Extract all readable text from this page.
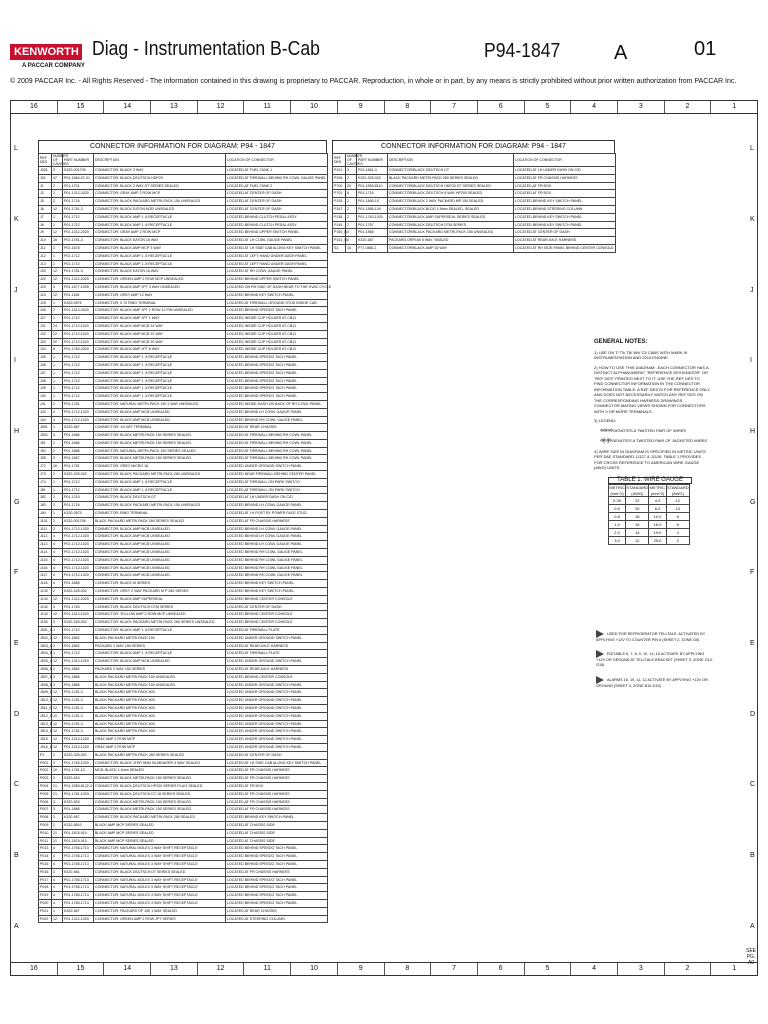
KENWORTH
A PACCAR COMPANY
Diag - Instrumentation B-Cab	P94-1847	A	01
© 2009 PACCAR Inc. - All Rights Reserved - The information contained in this drawing is proprietary to PACCAR. Reproduction, in whole or in part, by any means is strictly prohibited without prior written authorization from PACCAR Inc.
16	15	14	13	12	11	10	9	8	7	6	5	4	3	2	1
16	15	14	13	12	11	10	9	8	7	6	5	4	3	2	1
L	L
K	K
J	J
I	I
H	H
G	G
F	F
E	E
D	D
C	C
B	B
A	A
CONNECTOR INFORMATION FOR DIAGRAM: P94 - 1847
REF DES	NUMBER OF CAVITIES	PART NUMBER	DESCRIPTION	LOCATION OF CONNECTOR
J001	3	K320-001706	CONNECTOR: BLACK 3 WAY	LOCATED AT FUEL TANK 1
J01	47	P01-1564-07-01	CONNECTOR: BLACK DEUTSCH HDP20	LOCATED AT FIREWALL BEHIND RH COWL GAUGE PANEL
J1	2	P01-1701	CONNECTOR: BLACK 2 WAY DT SERIES SEALED	LOCATED AT FUEL TANK 2
J2	2	P01-1312-2020	CONNECTOR: GRAY AMP 2 ROW MCP	LOCATED AT CENTER OF DASH
J5	2	P01-1716	CONNECTOR: BLACK PACKARD METRI-PACK 150 UNSEALED	LOCATED AT CENTER OF DASH
J6	12	P01-1781-3	CONNECTOR: BLACK EATON NOR UNSEALED	LOCATED AT CENTER OF DASH
J7	1	P01-1712	CONNECTOR: BLACK AMP 1 .8 RECEPTACLE	LOCATED BEHIND CLUTCH PEDAL ASSY
J8	1	P01-1712	CONNECTOR: BLACK AMP 1 .8 RECEPTACLE	LOCATED BEHIND CLUTCH PEDAL ASSY
J9	12	P01-1312-2020	CONNECTOR: GRAY AMP 2 ROW MCP	LOCATED BEHIND UPPER SWITCH PANEL
J10	16	P01-1781-3	CONNECTOR: BLACK EATON 16 WAY	LOCATED AT LH COWL GAUGE PANEL
J11	3	P01-1678	CONNECTOR: BLACK AMP MCP 3 WAY	LOCATED AT LH SIDE CAB ALONG KEY SWITCH PANEL
J12	1	P01-1712	CONNECTOR: BLACK AMP 1 .8 RECEPTACLE	LOCATED AT LEFT HAND UNDER DASH PANEL
J13	1	P01-1712	CONNECTOR: BLACK AMP 1 .8 RECEPTACLE	LOCATED AT LEFT HAND UNDER DASH PANEL
J20	12	P01-1781-3	CONNECTOR: BLACK EATON 16 WAY	LOCATED AT RH COWL GAUGE PANEL
J22	12	P01-1312-2020	CONNECTOR: GREEN AMP 2 ROW MCP UNSEALED	LOCATED BEHIND UPPER SWITCH PANEL
J23	3	P01-1677-1005	CONNECTOR: BLACK AMP JPT 3 WAY UNSEALED	LOCATED ON RH SIDE OF DASH NEAR TO THE HVAC CYCLE
J24	12	P01-1158	CONNECTOR: GREY AMP 12 WAY	LOCATED BEHIND KEY SWITCH PANEL
J25	1	K320-0575	CONNECTOR: 0.70 RING TERMINAL	LOCATED AT FIREWALL GROUND STUD INSIDE CAB
J26	2	P01-1312-2020	CONNECTOR: BLACK AMP JPT 2 ROW 12 PIN UNSEALED	LOCATED BEHIND SPEEDO TACH PANEL
J27	1	P01-1712	CONNECTOR: BLACK AMP JPT 1 WAY	LOCATED INSIDE CUP HOLDER AT CB-D
J31	24	P01-1712-1020	CONNECTOR: BLACK AMP MCB 24 WAY	LOCATED INSIDE CUP HOLDER AT CB-D
J32	22	P01-1712-1020	CONNECTOR: BLACK AMP MCB 22 WAY	LOCATED INSIDE CUP HOLDER AT CB-D
J33	20	P01-1712-1020	CONNECTOR: BLACK AMP MCB 20 WAY	LOCATED INSIDE CUP HOLDER AT CB-D
J34	8	P01-1763-2020	CONNECTOR: BLACK AMP JPT 8 WAY	LOCATED INSIDE CUP HOLDER AT CB-D
J35	1	P01-1712	CONNECTOR: BLACK AMP 1 .8 RECEPTACLE	LOCATED BEHIND SPEEDO TACH PANEL
J36	1	P01-1712	CONNECTOR: BLACK AMP 1 .8 RECEPTACLE	LOCATED BEHIND SPEEDO TACH PANEL
J37	1	P01-1712	CONNECTOR: BLACK AMP 1 .8 RECEPTACLE	LOCATED BEHIND SPEEDO TACH PANEL
J38	1	P01-1712	CONNECTOR: BLACK AMP 1 .8 RECEPTACLE	LOCATED BEHIND SPEEDO TACH PANEL
J39	1	P01-1712	CONNECTOR: BLACK AMP 1 .8 RECEPTACLE	LOCATED BEHIND SPEEDO TACH PANEL
J40	1	P01-1712	CONNECTOR: BLACK AMP 1 .8 RECEPTACLE	LOCATED BEHIND SPEEDO TACH PANEL
J41	2	P01-1781	CONNECTOR: NATURAL METRI-PACK 150 2 WAY UNSEALED	LOCATED INSIDE DASH ON BACK OF RH COWL PANEL
J43	4	P01-1712-1020	CONNECTOR: BLACK AMP MCB UNSEALED	LOCATED BEHIND LH COWL GAUGE PANEL
J44	4	P01-1712-1020	CONNECTOR: BLACK AMP MCB UNSEALED	LOCATED BEHIND RH COWL GAUGE PANEL
J501	1	K320-567	CONNECTOR: 1/4 WIT TERMINAL	LOCATED AT REAR CHASSIS
J502	3	P01-1886	CONNECTOR: BLACK METRI-PACK 150 SERIES SEALED	LOCATED AT FIREWALL BEHIND RH COWL PANEL
J51	2	P01-1886	CONNECTOR: BLACK METRI-PACK 150 SERIES SEALED	LOCATED AT FIREWALL BEHIND RH COWL PANEL
J53	2	P01-1886	CONNECTOR: NATURAL METRI-PACK 150 SERIES SEALED	LOCATED AT FIREWALL BEHIND RH COWL PANEL
J55	3	P01-1857	CONNECTOR: BLACK METRI-PACK 150 SERIES SEALED	LOCATED AT FIREWALL BEHIND RH COWL PANEL
J72	16	P01-1781	CONNECTOR: GREY MICRO 16	LOCATED UNDER GROUND SWITCH PANEL
J73	2	K320-325-002	CONNECTOR: BLACK PACKARD METRI-PACK 280 UNSEALED	LOCATED NEAR FIREWALL BEHIND CENTER PANEL
J74	1	P01-1712	CONNECTOR: BLACK AMP 1 .8 RECEPTACLE	LOCATED AT FIREWALL ON PARK SWITCH
J81	1	P01-1712	CONNECTOR: BLACK AMP 1 .8 RECEPTACLE	LOCATED AT FIREWALL ON PARK SWITCH
J82	2	P01-1215	CONNECTOR: BLACK DEUTSCH DT	LOCATED AT LH UNDER DASH ON C/D
J83	2	P01-1716	CONNECTOR: BLACK PACKARD METRI-PACK 150 UNSEALED	LOCATED BEHIND LH COWL GAUGE PANEL
J84	1	K320-0575	CONNECTOR: RING TERMINAL	LOCATED AT LH POST BY POWER FACE STUD
J101	2	K320-001706	BLACK PACKARD METRI-PACK 280 SERIES SEALED	LOCATED AT FR CHASSIS HARNESS
J111	3	P01-1712-1020	CONNECTOR: BLACK AMP MCB UNSEALED	LOCATED BEHIND LH COWL GAUGE PANEL
J112	4	P01-1712-1020	CONNECTOR: BLACK AMP MCB UNSEALED	LOCATED BEHIND LH COWL GAUGE PANEL
J113	4	P01-1712-1020	CONNECTOR: BLACK AMP MCB UNSEALED	LOCATED BEHIND LH COWL GAUGE PANEL
J114	4	P01-1712-1020	CONNECTOR: BLACK AMP MCB UNSEALED	LOCATED BEHIND RH COWL GAUGE PANEL
J115	4	P01-1712-1020	CONNECTOR: BLACK AMP MCB UNSEALED	LOCATED BEHIND RH COWL GAUGE PANEL
J116	4	P01-1712-1020	CONNECTOR: BLACK AMP MCB UNSEALED	LOCATED BEHIND RH COWL GAUGE PANEL
J117	4	P01-1712-1020	CONNECTOR: BLACK AMP MCB UNSEALED	LOCATED BEHIND RH COWL GAUGE PANEL
J118	4	P01-1865	CONNECTOR: BLACK M SERIES	LOCATED BEHIND KEY SWITCH PANEL
J130	2	K320-425-002	CONNECTOR: GREY 2 WAY PACKARD M P 280 SERIES	LOCATED BEHIND KEY SWITCH PANEL
J140	12	P01-1312-2020	CONNECTOR: BLACK AMP SUPERSEAL	LOCATED BEHIND CENTER CONSOLE
J142	3	P01-1763	CONNECTOR: BLACK DEUTSCH DTM SERIES	LOCATED AT CENTER OF DASH
J143	12	P01-1312-1020	CONNECTOR: YELLOW AMP 2 ROW MCP UNSEALED	LOCATED BEHIND CENTER CONSOLE
J150	3	K320-325-002	CONNECTOR: BLACK PACKARD METRI-PACK 280 SERIES UNSEALED	LOCATED BEHIND CENTER CONSOLE
J501_A	1	P01-1712	CONNECTOR: BLACK AMP 1 .8 RECEPTACLE	LOCATED AT FIREWALL PLATE
J502_A	12	P01-1862	BLACK PACKARD METRI-PACK 150	LOCATED UNDER GROUND SWITCH PANEL
J503_A	2	P01-1862	PACKARD 2 WAY 150 SERIES	LOCATED AT REAR AXLE HARNESS
J504_B	1	P01-1712	CONNECTOR: BLACK AMP 1 .8 RECEPTACLE	LOCATED AT FIREWALL PLATE
J505_A	12	P01-1312-1020	CONNECTOR: BLACK AMP MCB UNSEALED	LOCATED UNDER GROUND SWITCH PANEL
J506_B	2	P01-1862	PACKARD 2 WAY 150 SERIES	LOCATED AT REAR AXLE HARNESS
J507_B	3	P01-1866	BLACK PACKARD METRI-PACK 150 UNSEALED	LOCATED BEHIND CENTER CONSOLE
J508_B	3	P01-1866	BLACK PACKARD METRI-PACK 150 UNSEALED	LOCATED UNDER GROUND SWITCH PANEL
J509_B	12	P01-1781-3	BLACK PACKARD METRI-PACK 63X	LOCATED UNDER GROUND SWITCH PANEL
J510_B	12	P01-1781-3	BLACK PACKARD METRI-PACK 63X	LOCATED UNDER GROUND SWITCH PANEL
J511_B	12	P01-1781-3	BLACK PACKARD METRI-PACK 63X	LOCATED UNDER GROUND SWITCH PANEL
J512_D	10	P01-1781-3	BLACK PACKARD METRI-PACK 63X	LOCATED UNDER GROUND SWITCH PANEL
J513_B	12	P01-1781-3	BLACK PACKARD METRI-PACK 63X	LOCATED UNDER GROUND SWITCH PANEL
J514_B	12	P01-1781-3	BLACK PACKARD METRI-PACK 63X	LOCATED UNDER GROUND SWITCH PANEL
J515	12	P01-1312-1020	GRAY AMP 2 ROW MCP	LOCATED UNDER GROUND SWITCH PANEL
J516_B	12	P01-1312-1020	GRAY AMP 2 ROW MCP	LOCATED UNDER GROUND SWITCH PANEL
P1	2	K320-325-002	BLACK PACKARD METRI-PACK 280 SERIES SEALED	LOCATED AT CENTER OF DASH
P001	3	P01-1763-1020	CONNECTOR: BLACK JTER 5MM SILMINATER 3 WAY SEALED	LOCATED AT LH SIDE CAB ALONG KEY SWITCH PANEL
P002	10	P01-1781-10	MCB: BLACK 1.5mm SEALED	LOCATED AT FR CHASSIS HARNESS
P003	2	K320-516	CONNECTOR: BLACK METRI-PACK 150 SERIES SEALED	LOCATED AT FR CHASSIS HARNESS
P004	21	P01-1559-8122-4	CONNECTOR: BLACK DEUTSCH HP200 SERIES PLUG SEALED	LOCATED AT FR BOX
P005	21	P01-1781-1003	CONNECTOR: BLACK DEUTSCH DT 18 SERIES SEALED	LOCATED AT FR CHASSIS HARNESS
P006	3	K320-503	CONNECTOR: BLACK METRI-PACK 150 SERIES SEALED	LOCATED AT FR CHASSIS HARNESS
P007	3	P01-1886	CONNECTOR: BLACK METRI-PACK 150 SERIES SEALED	LOCATED AT FR CHASSIS HARNESS
P008	2	K320-567	CONNECTOR: BLACK PACKARD METRI-PACK 280 SEALED	LOCATED BEHIND KEY SWITCH PANEL
P009	2	K320-5610	BLACK AMP MCP SERIES SEALED	LOCATED AT CHASSIS SIDE
P010	21	P01-1876-910	BLACK AMP MCP SERIES SEALED	LOCATED AT CHASSIS SIDE
P011	21	P01-1876-910	BLACK AMP MCP SERIES SEALED	LOCATED AT CHASSIS SIDE
P013	4	P01-1765-1713	CONNECTOR: NATURAL MOLEX 3 WAY SHIFT RECEPTACLE	LOCATED BEHIND SPEEDO TACH PANEL
P014	4	P01-1765-1713	CONNECTOR: NATURAL MOLEX 3 WAY SHIFT RECEPTACLE	LOCATED BEHIND SPEEDO TACH PANEL
P015	4	P01-1765-1713	CONNECTOR: NATURAL MOLEX 3 WAY SHIFT RECEPTACLE	LOCATED BEHIND SPEEDO TACH PANEL
P016	3	K320-581	CONNECTOR: BLACK DEUTSCH DT SERIES SEALED	LOCATED AT FR CHASSIS HARNESS
P017	4	P01-1765-1713	CONNECTOR: NATURAL MOLEX 3 WAY SHIFT RECEPTACLE	LOCATED BEHIND SPEEDO TACH PANEL
P018	4	P01-1765-1713	CONNECTOR: NATURAL MOLEX 3 WAY SHIFT RECEPTACLE	LOCATED BEHIND SPEEDO TACH PANEL
P019	4	P01-1765-1713	CONNECTOR: NATURAL MOLEX 3 WAY SHIFT RECEPTACLE	LOCATED BEHIND SPEEDO TACH PANEL
P020	4	P01-1765-1713	CONNECTOR: NATURAL MOLEX 3 WAY SHIFT RECEPTACLE	LOCATED BEHIND SPEEDO TACH PANEL
P021	1	K320-567	CONNECTOR: PACKARD DP 150 1 WAY SEALED	LOCATED AT REAR CHASSIS
P022	12	P01-1312-1020	CONNECTOR: GREEN AMP 2 ROW JPT SERIES	LOCATED AT STEERING COLUMN
CONNECTOR INFORMATION FOR DIAGRAM: P94 - 1847
REF DES	NUMBER OF CAVITIES	PART NUMBER	DESCRIPTION	LOCATION OF CONNECTOR
P101	3	P01-1661-3	CONNECTOR/BLACK DEUTSCH DT	LOCATED AT LH UNDER DASH ON C/D
P106	2	K320-325-002	BLACK PACKARD METRI-PACK 280 SERIES SEALED	LOCATED AT FR CHASSIS HARNESS
P700	20	P01-1559-8110	CONNECTOR/BLACK DEUTSCH HDP20 DT SERIES SEALED	LOCATED AT FR BOX
P701	6	P01-1715	CONNECTOR/BLACK DEUTSCH 6 WAY HP200 SEALED	LOCATED AT FR BOX
P135	2	P01-1665-15	CONNECTOR/BLACK 2 WAY PACKARD MP 150 SEALED	LOCATED BEHIND KEY SWITCH PANEL
P147	2	P01-1585-100	CONNECTOR/BLACK BLDG 1.5mm SEALED, SEALED	LOCATED BEHIND STEERING COLUMN
P138	2	P01-1763-1020	CONNECTOR/BLACK AMP SUPERSEAL SERIES SEALED	LOCATED BEHIND KEY SWITCH PANEL
P145	2	P01-1757	CONNECTOR/BLACK DEUTSCH DTM SERIES	LOCATED BEHIND KEY SWITCH PANEL
P150_B	3	P01-1866	CONNECTOR/BLACK PACKARD METRI-PACK 150 UNSEALED	LOCATED AT CENTER OF DASH
P151_G	5	K320-587	PACKARD ORP150 5 WAY, SEALED	LOCATED AT REAR AXLE HARNESS
S1	15	P77-0881-1	CONNECTOR/BLACK AMP 15 WAY	LOCATED AT RH SIDE PANEL BEHIND CENTER CONSOLE
GENERAL NOTES:
1) USE ON T/ T5/ T8/ W9/ C5 CABS WITH MARK III INSTRUMENTATION AND 2010 ENGINE.
2) HOW TO USE THIS DIAGRAM: -EACH CONNECTOR HAS A DISTINCT ALPHANUMERIC "REFERENCE DESIGNATOR" OR "REF DES" PRINTED NEXT TO IT. USE THE REF DES TO FIND CONNECTOR INFORMATION IN THE CONNECTOR INFORMATION TABLE. A REF DES IS FOR REFERENCE ONLY AND DOES NOT NECESSARILY MATCH ANY REF DES ON THE CORRESPONDING HARNESS DRAWINGS. -CONNECTOR MATING VIEWS SHOWN FOR CONNECTORS WITH 3 OR MORE TERMINALS.
3) LEGEND:
⟡⟡∞⟡ DENOTES A TWISTED PAIR OF WIRES
⟡(∞)⟡ DENOTES A TWISTED PAIR OF JACKETED WIRES
4) WIRE SIZE IN DIAGRAM IS SPECIFIED IN METRIC UNITS PER SAE STANDARD J1127 & J1128. TABLE 1 PROVIDES FOR CROSS REFERENCE TO AMERICAN WIRE GAUGE (AWG) UNITS.
TABLE 1: WIRE GAUGE
METRIC (mm^2)	STANDARD (AWG)	METRIC (mm^2)	STANDARD (AWG)
0.35	22	4.0	12
0.5	20	6.0	10
0.8	18	10.0	8
1.0	16	16.0	6
2.0	14	19.0	4
3.0	12	25.0	2
USED FOR REFRIGERATOR TELLTALE. ACTIVATED BY APPLYING +12V TO COUNTER PIN 6 (SHEET 2, ZONE G5)
EDITABLE 6, 7, 8, 9, 10, 14, 15 ACTIVATE BY APPLYING +12V OR GROUND AT TELLTALE BRACKET (SHEET 5, ZONE G10-G15)
ALARMS 16, 19, 11, 12 ACTIVATE BY APPLYING +12V OR GROUND (SHEET 3, ZONE B10-D15)
SEE PG. A0
